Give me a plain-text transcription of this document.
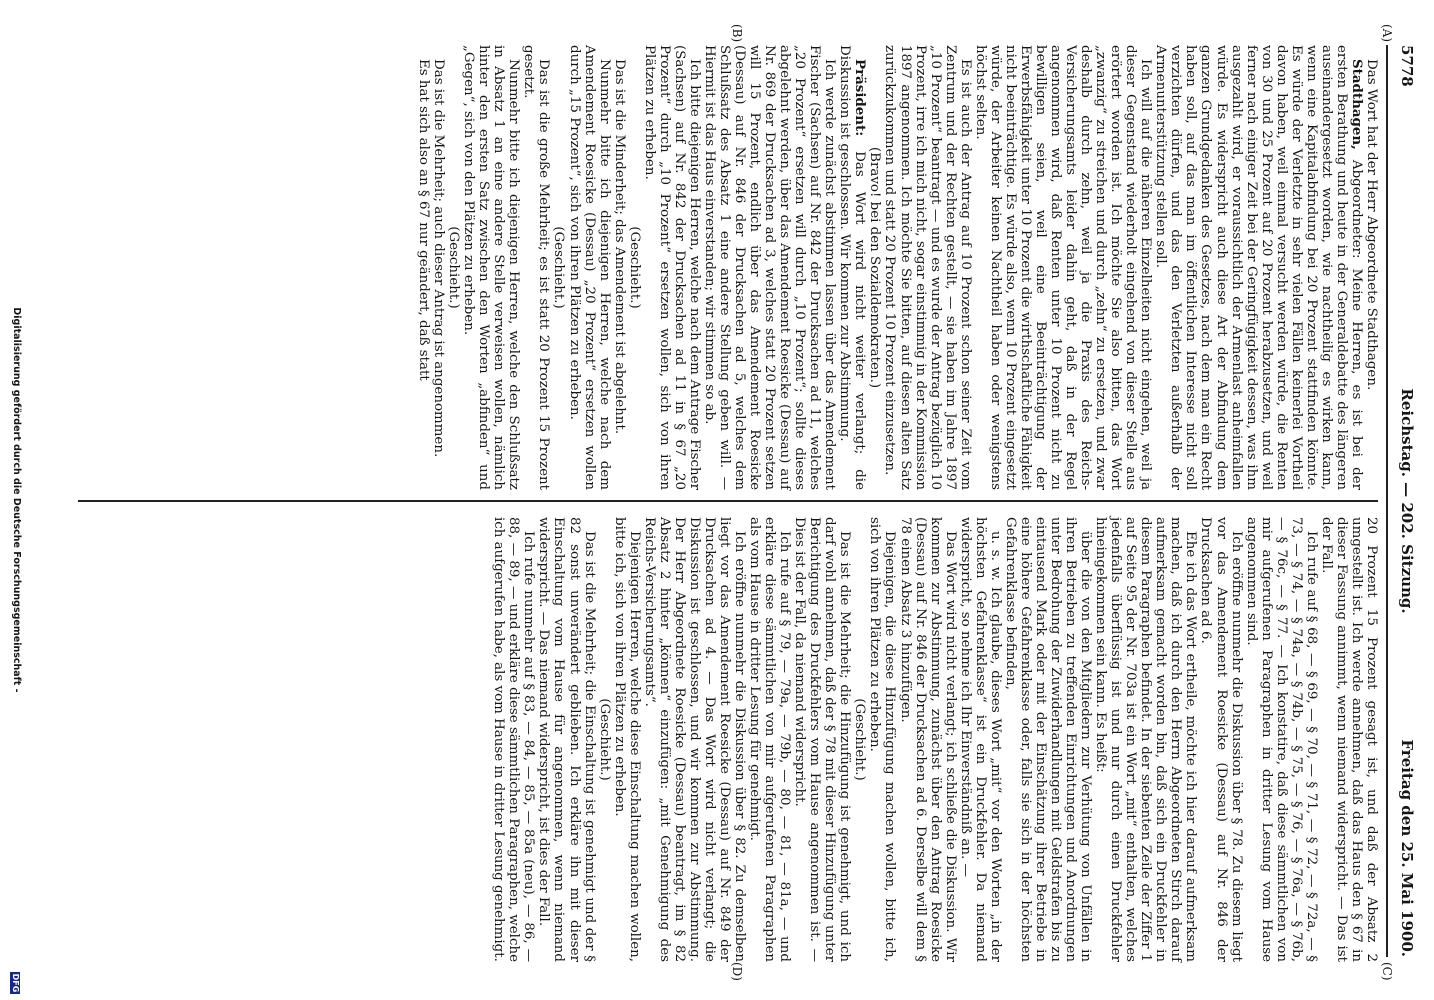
5778
Reichstag. — 202. Sitzung.
Freitag den 25. Mai 1900.
(A)
(B)
(C)
(D)

Das Wort hat der Herr Abgeordnete Stadthagen.

Stadthagen, Abgeordneter: Meine Herren, es ist bei der ersten Berathung und heute in der Generaldebatte des längeren auseinandergesetzt worden, wie nachtheilig es wirken kann, wenn eine Kapitalabfindung bei 20 Prozent stattfinden könnte. Es würde der Verletzte in sehr vielen Fällen keinerlei Vortheil davon haben, weil einmal versucht werden würde, die Renten von 30 und 25 Prozent auf 20 Prozent herabzusetzen, und weil ferner nach einiger Zeit bei der Geringfügigkeit dessen, was ihm ausgezahlt wird, er voraussichtlich der Armenlast anheimfallen würde. Es widerspricht auch diese Art der Abfindung dem ganzen Grundgedanken des Gesetzes, nach dem man ein Recht haben soll, auf das man im öffentlichen Interesse nicht soll verzichten dürfen, und das den Verletzten außerhalb der Armenunterstützung stellen soll.

Ich will auf die näheren Einzelheiten nicht eingehen, weil ja dieser Gegenstand wiederholt eingehend von dieser Stelle aus erörtert worden ist. Ich möchte Sie also bitten, das Wort „zwanzig“ zu streichen und durch „zehn“ zu ersetzen, und zwar deshalb durch zehn, weil ja die Praxis des Reichs-Versicherungsamts leider dahin geht, daß in der Regel angenommen wird, daß Renten unter 10 Prozent nicht zu bewilligen seien, weil eine Beeinträchtigung der Erwerbsfähigkeit unter 10 Prozent die wirthschaftliche Fähigkeit nicht beeinträchtige. Es würde also, wenn 10 Prozent eingesetzt würde, der Arbeiter keinen Nachtheil haben oder wenigstens höchst selten.

Es ist auch der Antrag auf 10 Prozent schon seiner Zeit vom Zentrum und der Rechten gestellt, — sie haben im Jahre 1897 „10 Prozent“ beantragt — und es wurde der Antrag bezüglich 10 Prozent, irre ich mich nicht, sogar einstimmig in der Kommission 1897 angenommen. Ich möchte Sie bitten, auf diesen alten Satz zurückzukommen und statt 20 Prozent 10 Prozent einzusetzen.

(Bravo! bei den Sozialdemokraten.)

Präsident: Das Wort wird nicht weiter verlangt; die Diskussion ist geschlossen. Wir kommen zur Abstimmung.

Ich werde zunächst abstimmen lassen über das Amendement Fischer (Sachsen) auf Nr. 842 der Drucksachen ad 11, welches „20 Prozent“ ersetzen will durch „10 Prozent“; sollte dieses abgelehnt werden, über das Amendement Roesicke (Dessau) auf Nr. 869 der Drucksachen ad 3, welches statt 20 Prozent setzen will 15 Prozent, endlich über das Amendement Roesicke (Dessau) auf Nr. 846 der Drucksachen ad 5, welches dem Schlußsatz des Absatz 1 eine andere Stellung geben will. — Hiermit ist das Haus einverstanden; wir stimmen so ab.

Ich bitte diejenigen Herren, welche nach dem Antrage Fischer (Sachsen) auf Nr. 842 der Drucksachen ad 11 in § 67 „20 Prozent“ durch „10 Prozent“ ersetzen wollen, sich von ihren Plätzen zu erheben.

(Geschieht.)

Das ist die Minderheit; das Amendement ist abgelehnt.

Nunmehr bitte ich diejenigen Herren, welche nach dem Amendement Roesicke (Dessau) „20 Prozent“ ersetzen wollen durch „15 Prozent“, sich von ihren Plätzen zu erheben.

(Geschieht.)

Das ist die große Mehrheit; es ist statt 20 Prozent 15 Prozent gesetzt.

Nunmehr bitte ich diejenigen Herren, welche den Schlußsatz in Absatz 1 an eine andere Stelle verweisen wollen, nämlich hinter den ersten Satz zwischen den Worten „abfinden“ und „Gegen“, sich von den Plätzen zu erheben.

(Geschieht.)

Das ist die Mehrheit; auch dieser Antrag ist angenommen.

Es hat sich also an § 67 nur geändert, daß statt

20 Prozent 15 Prozent gesagt ist, und daß der Absatz 2 umgestellt ist. Ich werde annehmen, daß das Haus den § 67 in dieser Fassung annimmt, wenn niemand widerspricht. — Das ist der Fall.

Ich rufe auf § 68, — § 69, — § 70, — § 71, — § 72, — § 72a, — § 73, — § 74, — § 74a, — § 74b, — § 75, — § 76, — § 76a, — § 76b, — § 76c, — § 77. — Ich konstatire, daß diese sämmtlichen von mir aufgerufenen Paragraphen in dritter Lesung vom Hause angenommen sind.

Ich eröffne nunmehr die Diskussion über § 78. Zu diesem liegt vor das Amendement Roesicke (Dessau) auf Nr. 846 der Drucksachen ad 6.

Ehe ich das Wort ertheile, möchte ich hier darauf aufmerksam machen, daß ich durch den Herrn Abgeordneten Stirch darauf aufmerksam gemacht worden bin, daß sich ein Druckfehler in diesem Paragraphen befindet. In der siebenten Zeile der Ziffer 1 auf Seite 95 der Nr. 703a ist ein Wort „mit“ enthalten, welches jedenfalls überflüssig ist und nur durch einen Druckfehler hineingekommen sein kann. Es heißt:

über die von den Mitgliedern zur Verhütung von Unfällen in ihren Betrieben zu treffenden Einrichtungen und Anordnungen unter Bedrohung der Zuwiderhandlungen mit Geldstrafen bis zu eintausend Mark oder mit der Einschätzung ihrer Betriebe in eine höhere Gefahrenklasse oder, falls sie sich in der höchsten Gefahrenklasse befinden,

u. s. w. Ich glaube, dieses Wort „mit“ vor den Worten „in der höchsten Gefahrenklasse“ ist ein Druckfehler. Da niemand widerspricht, so nehme ich Ihr Einverständniß an. —

Das Wort wird nicht verlangt; ich schließe die Diskussion. Wir kommen zur Abstimmung, zunächst über den Antrag Roesicke (Dessau) auf Nr. 846 der Drucksachen ad 6. Derselbe will dem § 78 einen Absatz 3 hinzufügen.

Diejenigen, die diese Hinzufügung machen wollen, bitte ich, sich von ihren Plätzen zu erheben.

(Geschieht.)

Das ist die Mehrheit; die Hinzufügung ist genehmigt, und ich darf wohl annehmen, daß der § 78 mit dieser Hinzufügung unter Berichtigung des Druckfehlers vom Hause angenommen ist. — Dies ist der Fall, da niemand widerspricht.

Ich rufe auf § 79, — 79a, — 79b, — 80, — 81, — 81a, — und erkläre diese sämmtlichen von mir aufgerufenen Paragraphen als vom Hause in dritter Lesung für genehmigt.

Ich eröffne nunmehr die Diskussion über § 82. Zu demselben liegt vor das Amendement Roesicke (Dessau) auf Nr. 849 der Drucksachen ad 4. — Das Wort wird nicht verlangt; die Diskussion ist geschlossen, und wir kommen zur Abstimmung. Der Herr Abgeordnete Roesicke (Dessau) beantragt, im § 82 Absatz 2 hinter „können“ einzufügen: „mit Genehmigung des Reichs-Versicherungsamts“.

Diejenigen Herren, welche diese Einschaltung machen wollen, bitte ich, sich von ihren Plätzen zu erheben.

(Geschieht.)

Das ist die Mehrheit; die Einschaltung ist genehmigt und der § 82 sonst unverändert geblieben. Ich erkläre ihn mit dieser Einschaltung vom Hause für angenommen, wenn niemand widerspricht. — Das niemand widerspricht, ist dies der Fall.

Ich rufe nunmehr auf § 83, — 84, — 85, — 85a (neu), — 86, — 88, — 89, — und erkläre diese sämmtlichen Paragraphen, welche ich aufgerufen habe, als vom Hause in dritter Lesung genehmigt.

Digitalisierung gefördert durch die Deutsche Forschungsgemeinschaft -
DFG
